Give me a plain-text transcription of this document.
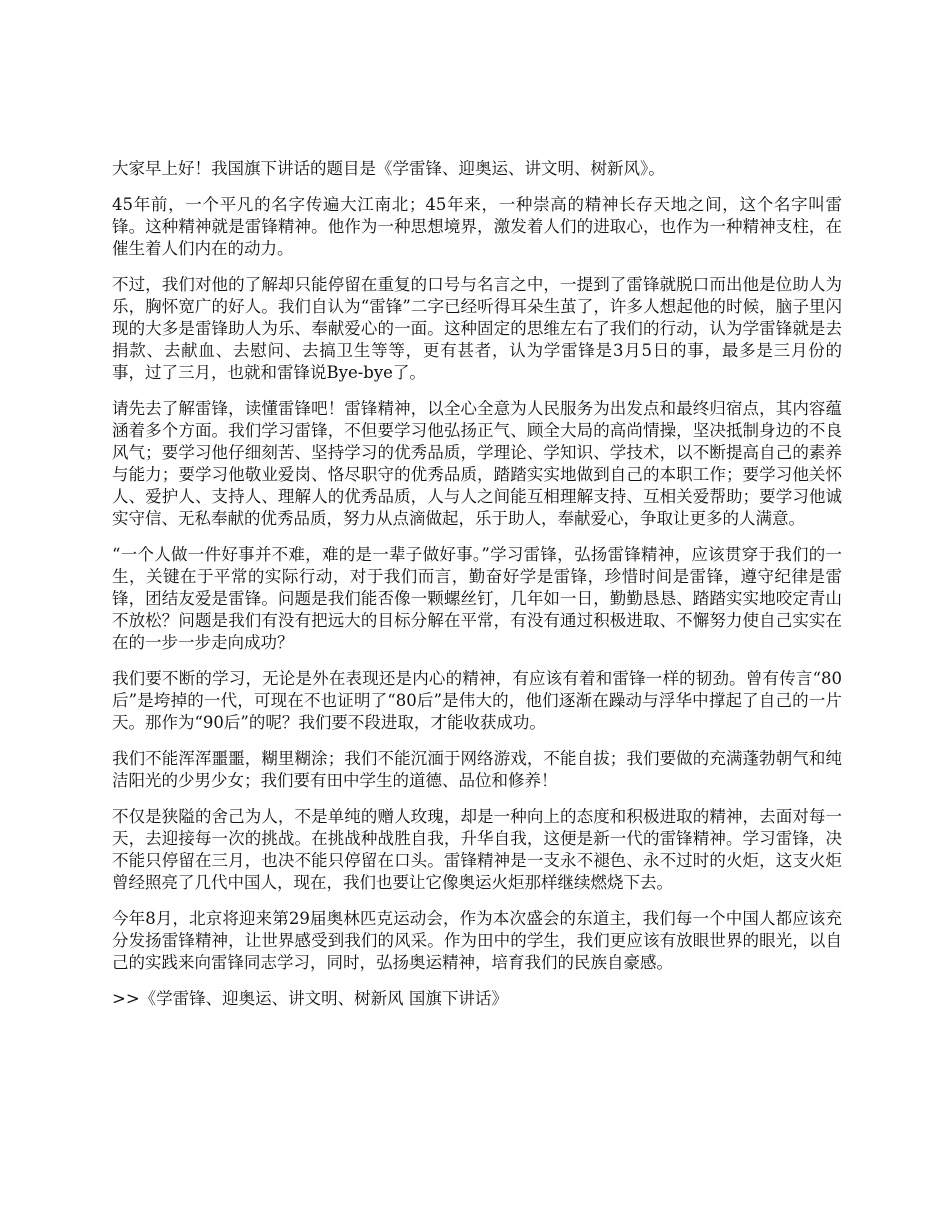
大家早上好！我国旗下讲话的题目是《学雷锋、迎奥运、讲文明、树新风》。

45年前，一个平凡的名字传遍大江南北；45年来，一种崇高的精神长存天地之间，这个名字叫雷锋。这种精神就是雷锋精神。他作为一种思想境界，激发着人们的进取心，也作为一种精神支柱，在催生着人们内在的动力。

不过，我们对他的了解却只能停留在重复的口号与名言之中，一提到了雷锋就脱口而出他是位助人为乐，胸怀宽广的好人。我们自认为“雷锋”二字已经听得耳朵生茧了，许多人想起他的时候，脑子里闪现的大多是雷锋助人为乐、奉献爱心的一面。这种固定的思维左右了我们的行动，认为学雷锋就是去捐款、去献血、去慰问、去搞卫生等等，更有甚者，认为学雷锋是3月5日的事，最多是三月份的事，过了三月，也就和雷锋说Bye-bye了。

请先去了解雷锋，读懂雷锋吧！雷锋精神，以全心全意为人民服务为出发点和最终归宿点，其内容蕴涵着多个方面。我们学习雷锋，不但要学习他弘扬正气、顾全大局的高尚情操，坚决抵制身边的不良风气；要学习他仔细刻苦、坚持学习的优秀品质，学理论、学知识、学技术，以不断提高自己的素养与能力；要学习他敬业爱岗、恪尽职守的优秀品质，踏踏实实地做到自己的本职工作；要学习他关怀人、爱护人、支持人、理解人的优秀品质，人与人之间能互相理解支持、互相关爱帮助；要学习他诚实守信、无私奉献的优秀品质，努力从点滴做起，乐于助人，奉献爱心，争取让更多的人满意。

“一个人做一件好事并不难，难的是一辈子做好事。”学习雷锋，弘扬雷锋精神，应该贯穿于我们的一生，关键在于平常的实际行动，对于我们而言，勤奋好学是雷锋，珍惜时间是雷锋，遵守纪律是雷锋，团结友爱是雷锋。问题是我们能否像一颗螺丝钉，几年如一日，勤勤恳恳、踏踏实实地咬定青山不放松？问题是我们有没有把远大的目标分解在平常，有没有通过积极进取、不懈努力使自己实实在在的一步一步走向成功？

我们要不断的学习，无论是外在表现还是内心的精神，有应该有着和雷锋一样的韧劲。曾有传言“80后”是垮掉的一代，可现在不也证明了“80后”是伟大的，他们逐渐在躁动与浮华中撑起了自己的一片天。那作为“90后”的呢？我们要不段进取，才能收获成功。

我们不能浑浑噩噩，糊里糊涂；我们不能沉湎于网络游戏，不能自拔；我们要做的充满蓬勃朝气和纯洁阳光的少男少女；我们要有田中学生的道德、品位和修养！

不仅是狭隘的舍己为人，不是单纯的赠人玫瑰，却是一种向上的态度和积极进取的精神，去面对每一天，去迎接每一次的挑战。在挑战种战胜自我，升华自我，这便是新一代的雷锋精神。学习雷锋，决不能只停留在三月，也决不能只停留在口头。雷锋精神是一支永不褪色、永不过时的火炬，这支火炬曾经照亮了几代中国人，现在，我们也要让它像奥运火炬那样继续燃烧下去。

今年8月，北京将迎来第29届奥林匹克运动会，作为本次盛会的东道主，我们每一个中国人都应该充分发扬雷锋精神，让世界感受到我们的风采。作为田中的学生，我们更应该有放眼世界的眼光，以自己的实践来向雷锋同志学习，同时，弘扬奥运精神，培育我们的民族自豪感。

>>《学雷锋、迎奥运、讲文明、树新风 国旗下讲话》
